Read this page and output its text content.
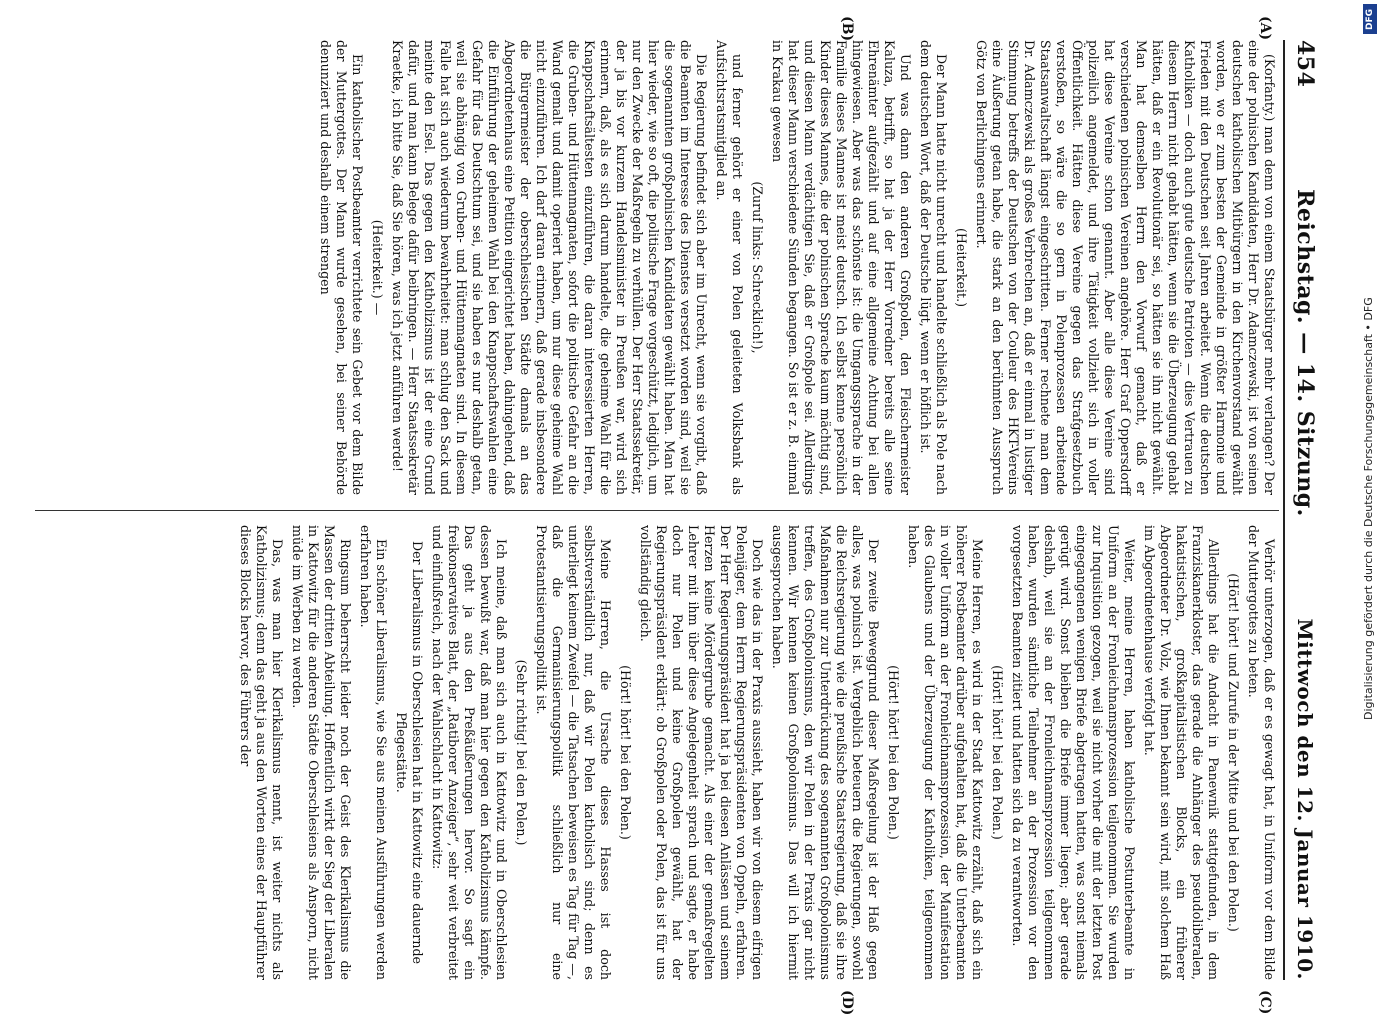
DFG
Digitalisierung gefördert durch die Deutsche Forschungsgemeinschaft • DFG
454
Reichstag. — 14. Sitzung.
Mittwoch den 12. Januar 1910.
(A)
(B)
(C)
(D)

(Korfanty.) man denn von einem Staatsbürger mehr verlangen? Der eine der polnischen Kandidaten, Herr Dr. Adamczewski, ist von seinen deutschen katholischen Mitbürgern in den Kirchenvorstand gewählt worden, wo er zum besten der Gemeinde in größter Harmonie und Frieden mit den Deutschen seit Jahren arbeitet. Wenn die deutschen Katholiken — doch auch gute deutsche Patrioten — dies Vertrauen zu diesem Herrn nicht gehabt hätten, wenn sie die Überzeugung gehabt hätten, daß er ein Revolutionär sei, so hätten sie ihn nicht gewählt. Man hat demselben Herrn den Vorwurf gemacht, daß er verschiedenen polnischen Vereinen angehöre. Herr Graf Oppersdorff hat diese Vereine schon genannt. Aber alle diese Vereine sind polizeilich angemeldet, und ihre Tätigkeit vollzieht sich in voller Öffentlichkeit. Hätten diese Vereine gegen das Strafgesetzbuch verstoßen, so wäre die so gern in Polenprozessen arbeitende Staatsanwaltschaft längst eingeschritten. Ferner rechnete man dem Dr. Adamczewski als großes Verbrechen an, daß er einmal in lustiger Stimmung betreffs der Deutschen von der Couleur des HKT-Vereins eine Äußerung getan habe, die stark an den berühmten Ausspruch Götz von Berlichingens erinnert.

(Heiterkeit.)

Der Mann hatte nicht unrecht und handelte schließlich als Pole nach dem deutschen Wort, daß der Deutsche lügt, wenn er höflich ist.

Und was dann den anderen Großpolen, den Fleischermeister Kaluza, betrifft, so hat ja der Herr Vorredner bereits alle seine Ehrenämter aufgezählt und auf eine allgemeine Achtung bei allen hingewiesen. Aber was das schönste ist: die Umgangssprache in der Familie dieses Mannes ist meist deutsch. Ich selbst kenne persönlich Kinder dieses Mannes, die der polnischen Sprache kaum mächtig sind, und diesen Mann verdächtigen Sie, daß er Großpole sei. Allerdings hat dieser Mann verschiedene Sünden begangen. So ist er z. B. einmal in Krakau gewesen

(Zuruf links: Schrecklich!),

und ferner gehört er einer von Polen geleiteten Volksbank als Aufsichtsratsmitglied an.

Die Regierung befindet sich aber im Unrecht, wenn sie vorgibt, daß die Beamten im Interesse des Dienstes versetzt worden sind, weil sie die sogenannten großpolnischen Kandidaten gewählt haben. Man hat hier wieder, wie so oft, die politische Frage vorgeschützt, lediglich, um nur den Zwecke der Maßregeln zu verhüllen. Der Herr Staatssekretär, der ja bis vor kurzem Handelsminister in Preußen war, wird sich erinnern, daß, als es sich darum handelte, die geheime Wahl für die Knappschaftsältesten einzuführen, die daran interessierten Herren, die Gruben- und Hüttenmagnaten, sofort die politische Gefahr an die Wand gemalt und damit operiert haben, um nur diese geheime Wahl nicht einzuführen. Ich darf daran erinnern, daß gerade insbesondere die Bürgermeister der oberschlesischen Städte damals an das Abgeordnetenhaus eine Petition eingerichtet haben, dahingehend, daß die Einführung der geheimen Wahl bei den Knappschaftswahlen eine Gefahr für das Deutschtum sei, und sie haben es nur deshalb getan, weil sie abhängig von Gruben- und Hüttenmagnaten sind. In diesem Falle hat sich auch wiederum bewahrheitet: man schlug den Sack und meinte den Esel. Das gegen den Katholizismus ist der eine Grund dafür, und man kann Belege dafür beibringen. — Herr Staatssekretär Kraetke, ich bitte Sie, daß Sie hören, was ich jetzt anführen werde!

(Heiterkeit.) —

Ein katholischer Postbeamter verrichtete sein Gebet vor dem Bilde der Muttergottes. Der Mann wurde gesehen, bei seiner Behörde denunziert und deshalb einem strengen

Verhör unterzogen, daß er es gewagt hat, in Uniform vor dem Bilde der Muttergottes zu beten.

(Hört! hört! und Zurufe in der Mitte und bei den Polen.)

Allerdings hat die Andacht in Panewnik stattgefunden, in dem Franziskanerkloster, das gerade die Anhänger des pseudoliberalen, hakatistischen, großkapitalistischen Blocks, ein früherer Abgeordneter Dr. Volz, wie Ihnen bekannt sein wird, mit solchem Haß im Abgeordnetenhause verfolgt hat.

Weiter, meine Herren, haben katholische Postunterbeamte in Uniform an der Fronleichnamsprozession teilgenommen. Sie wurden zur Inquisition gezogen, weil sie nicht vorher die mit der letzten Post eingegangenen wenigen Briefe abgetragen hatten, was sonst niemals gerügt wird. Sonst bleiben die Briefe immer liegen; aber gerade deshalb, weil sie an der Fronleichnamsprozession teilgenommen haben, wurden sämtliche Teilnehmer an der Prozession vor den vorgesetzten Beamten zitiert und hatten sich da zu verantworten.

(Hört! hört! bei den Polen.)

Meine Herren, es wird in der Stadt Kattowitz erzählt, daß sich ein höherer Postbeamter darüber aufgehalten hat, daß die Unterbeamten in voller Uniform an der Fronleichnamsprozession, der Manifestation des Glaubens und der Überzeugung der Katholiken, teilgenommen haben.

(Hört! hört! bei den Polen.)

Der zweite Beweggrund dieser Maßregelung ist der Haß gegen alles, was polnisch ist. Vergeblich beteuern die Regierungen, sowohl die Reichsregierung wie die preußische Staatsregierung, daß sie ihre Maßnahmen nur zur Unterdrückung des sogenannten Großpolonismus treffen, des Großpolonismus, den wir Polen in der Praxis gar nicht kennen. Wir kennen keinen Großpolonismus. Das will ich hiermit ausgesprochen haben.

Doch wie das in der Praxis aussieht, haben wir von diesem eifrigen Polenjäger, dem Herrn Regierungspräsidenten von Oppeln, erfahren. Der Herr Regierungspräsident hat ja bei diesen Anlässen und seinem Herzen keine Mördergrube gemacht. Als einer der gemaßregelten Lehrer mit ihm über diese Angelegenheit sprach und sagte, er habe doch nur Polen und keine Großpolen gewählt, hat der Regierungspräsident erklärt: ob Großpolen oder Polen, das ist für uns vollständig gleich.

(Hört! hört! bei den Polen.)

Meine Herren, die Ursache dieses Hasses ist doch selbstverständlich nur, daß wir Polen katholisch sind; denn es unterliegt keinem Zweifel — die Tatsachen beweisen es Tag für Tag —, daß die Germanisierungspolitik schließlich nur eine Protestantisierungspolitik ist.

(Sehr richtig! bei den Polen.)

Ich meine, daß man sich auch in Kattowitz und in Oberschlesien dessen bewußt war, daß man hier gegen den Katholizismus kämpfe. Das geht ja aus den Preßäußerungen hervor. So sagt ein freikonservatives Blatt, der „Ratiborer Anzeiger“, sehr weit verbreitet und einflußreich, nach der Wahlschlacht in Kattowitz:

Der Liberalismus in Oberschlesien hat in Kattowitz eine dauernde Pflegestätte.

Ein schöner Liberalismus, wie Sie aus meinen Ausführungen werden erfahren haben.

Ringsum beherrscht leider noch der Geist des Klerikalismus die Massen der dritten Abteilung. Hoffentlich wirkt der Sieg der Liberalen in Kattowitz für die anderen Städte Oberschlesiens als Ansporn, nicht müde im Werben zu werden.

Das, was man hier Klerikalismus nennt, ist weiter nichts als Katholizismus; denn das geht ja aus den Worten eines der Hauptführer dieses Blocks hervor, des Führers der
